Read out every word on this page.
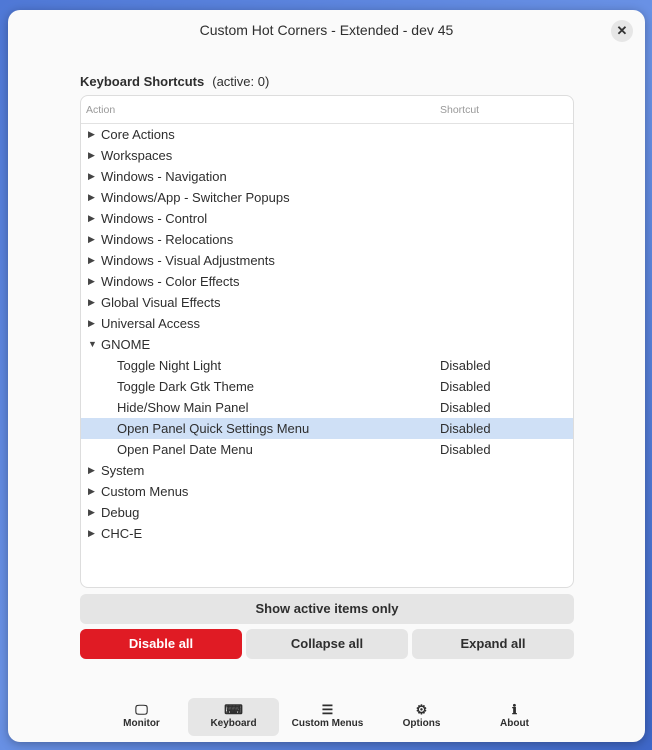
Custom Hot Corners - Extended - dev 45	✕
Keyboard Shortcuts (active: 0)
Action	Shortcut
▶ Core Actions
▶ Workspaces
▶ Windows - Navigation
▶ Windows/App - Switcher Popups
▶ Windows - Control
▶ Windows - Relocations
▶ Windows - Visual Adjustments
▶ Windows - Color Effects
▶ Global Visual Effects
▶ Universal Access
▼ GNOME
Toggle Night Light	Disabled
Toggle Dark Gtk Theme	Disabled
Hide/Show Main Panel	Disabled
Open Panel Quick Settings Menu	Disabled
Open Panel Date Menu	Disabled
▶ System
▶ Custom Menus
▶ Debug
▶ CHC-E
Show active items only
Disable all	Collapse all	Expand all
🖵
Monitor
⌨
Keyboard
☰
Custom Menus
⚙
Options
ℹ
About
